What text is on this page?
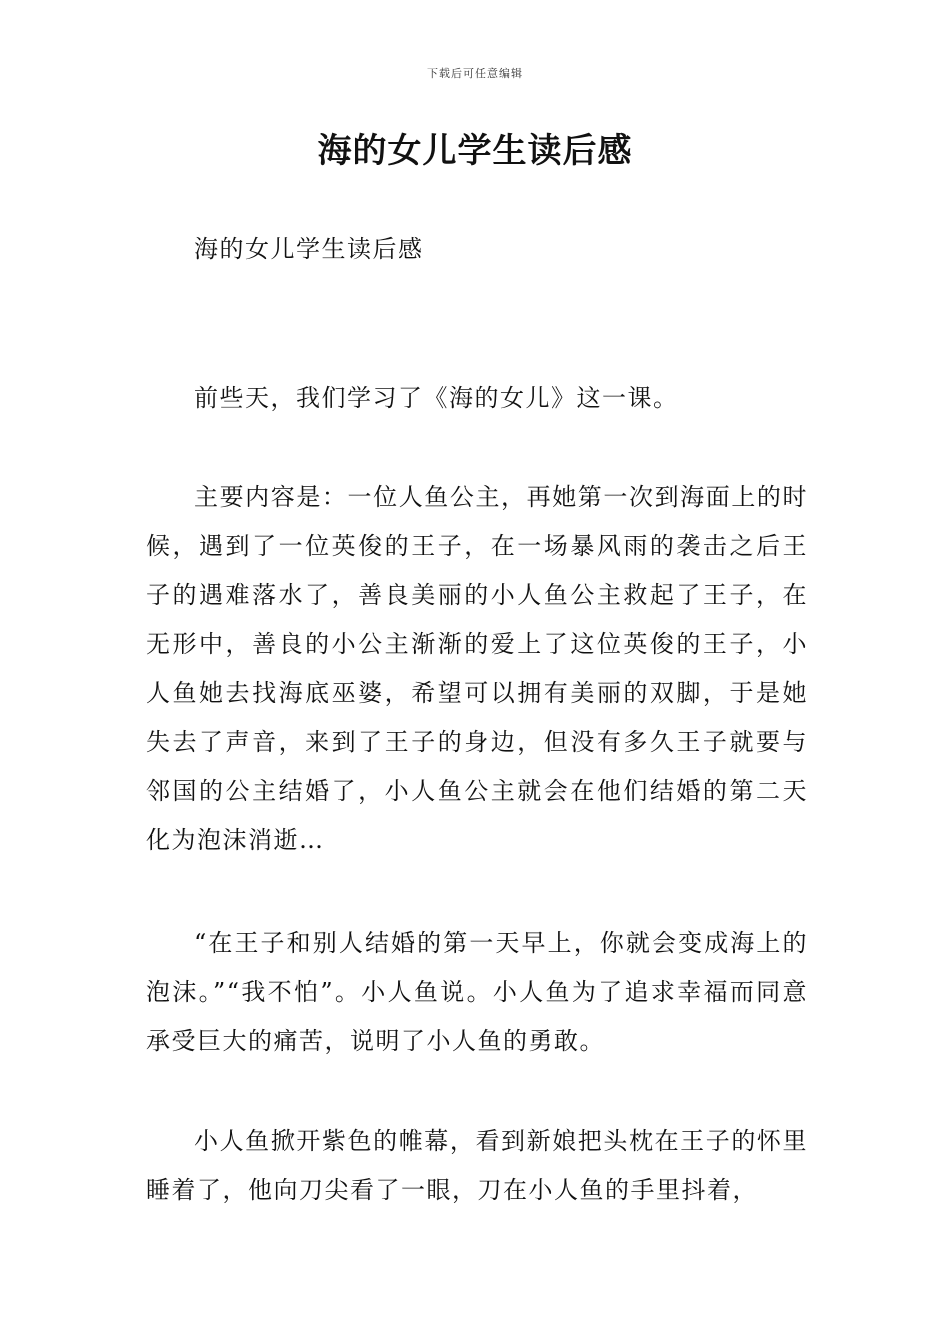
下载后可任意编辑
海的女儿学生读后感

海的女儿学生读后感

前些天，我们学习了《海的女儿》这一课。

主要内容是：一位人鱼公主，再她第一次到海面上的时候，遇到了一位英俊的王子，在一场暴风雨的袭击之后王子的遇难落水了，善良美丽的小人鱼公主救起了王子，在无形中，善良的小公主渐渐的爱上了这位英俊的王子，小人鱼她去找海底巫婆，希望可以拥有美丽的双脚，于是她失去了声音，来到了王子的身边，但没有多久王子就要与邻国的公主结婚了，小人鱼公主就会在他们结婚的第二天化为泡沫消逝…

“在王子和别人结婚的第一天早上，你就会变成海上的泡沫。”“我不怕”。小人鱼说。小人鱼为了追求幸福而同意承受巨大的痛苦，说明了小人鱼的勇敢。

小人鱼掀开紫色的帷幕，看到新娘把头枕在王子的怀里睡着了，他向刀尖看了一眼，刀在小人鱼的手里抖着，
